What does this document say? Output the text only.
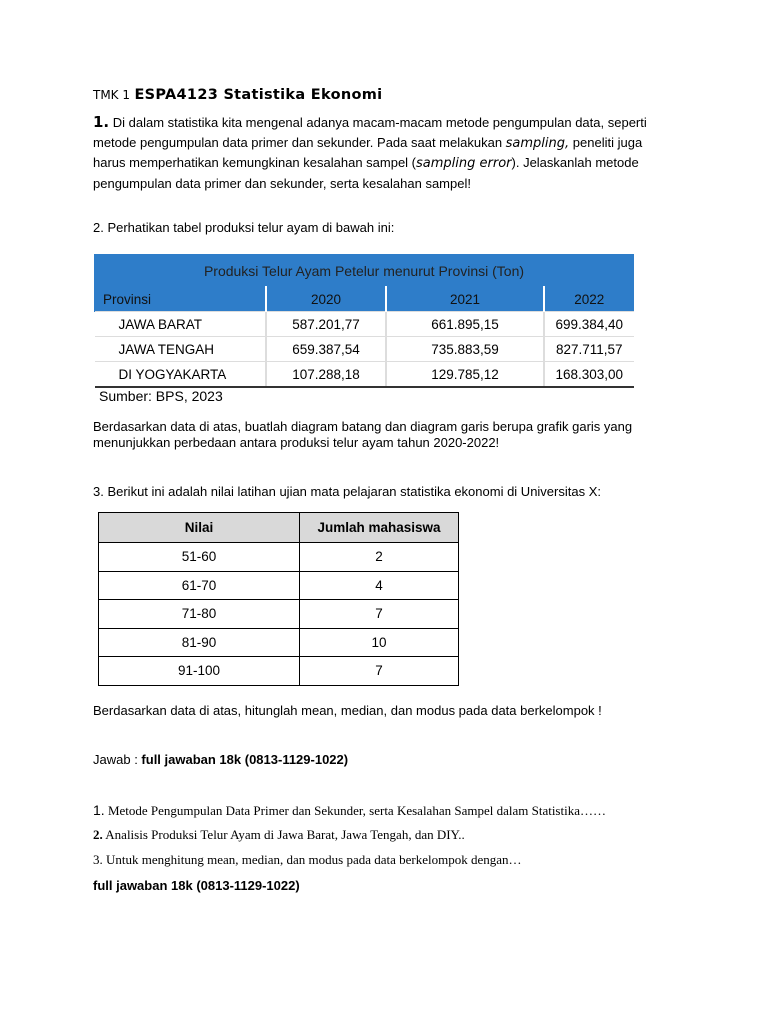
TMK 1 ESPA4123 Statistika Ekonomi
1. Di dalam statistika kita mengenal adanya macam-macam metode pengumpulan data, seperti metode pengumpulan data primer dan sekunder. Pada saat melakukan sampling, peneliti juga harus memperhatikan kemungkinan kesalahan sampel (sampling error). Jelaskanlah metode pengumpulan data primer dan sekunder, serta kesalahan sampel!
2. Perhatikan tabel produksi telur ayam di bawah ini:
Produksi Telur Ayam Petelur menurut Provinsi (Ton)			
Provinsi	2020	2021	2022
JAWA BARAT	587.201,77	661.895,15	699.384,40
JAWA TENGAH	659.387,54	735.883,59	827.711,57
DI YOGYAKARTA	107.288,18	129.785,12	168.303,00
Sumber: BPS, 2023
Berdasarkan data di atas, buatlah diagram batang dan diagram garis berupa grafik garis yang menunjukkan perbedaan antara produksi telur ayam tahun 2020-2022!
3. Berikut ini adalah nilai latihan ujian mata pelajaran statistika ekonomi di Universitas X:
Nilai	Jumlah mahasiswa
51-60	2
61-70	4
71-80	7
81-90	10
91-100	7
Berdasarkan data di atas, hitunglah mean, median, dan modus pada data berkelompok !
Jawab : full jawaban 18k (0813-1129-1022)
1. Metode Pengumpulan Data Primer dan Sekunder, serta Kesalahan Sampel dalam Statistika……
2. Analisis Produksi Telur Ayam di Jawa Barat, Jawa Tengah, dan DIY..
3. Untuk menghitung mean, median, dan modus pada data berkelompok dengan…
full jawaban 18k (0813-1129-1022)
